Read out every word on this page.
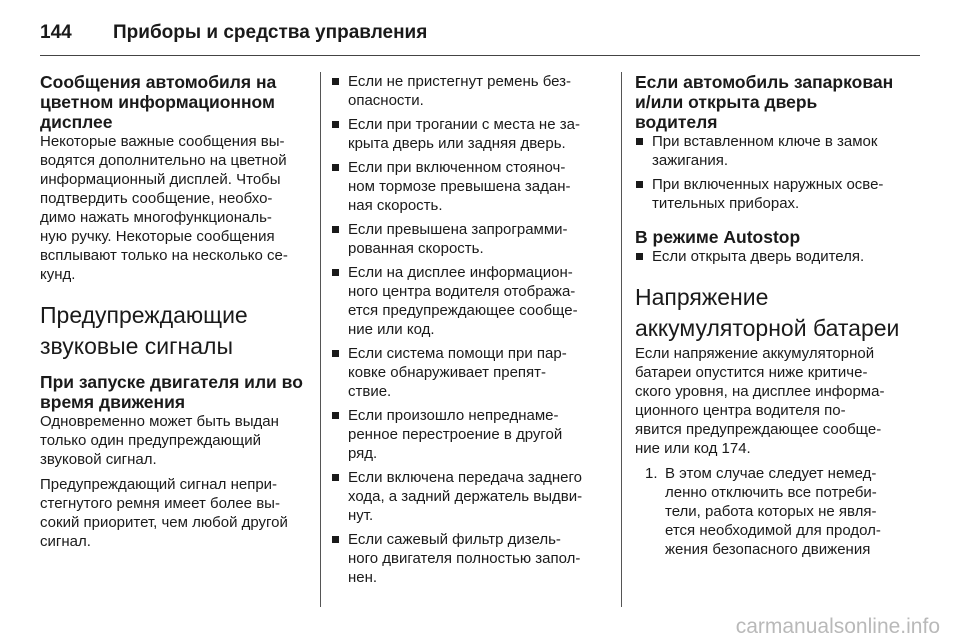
144 Приборы и средства управления
Сообщения автомобиля на
цветном информационном
дисплее
Некоторые важные сообщения вы-
водятся дополнительно на цветной
информационный дисплей. Чтобы
подтвердить сообщение, необхо-
димо нажать многофункциональ-
ную ручку. Некоторые сообщения
всплывают только на несколько се-
кунд.
Предупреждающие
звуковые сигналы
При запуске двигателя или во
время движения
Одновременно может быть выдан
только один предупреждающий
звуковой сигнал.
Предупреждающий сигнал непри-
стегнутого ремня имеет более вы-
сокий приоритет, чем любой другой
сигнал.
Если не пристегнут ремень без-
опасности.
Если при трогании с места не за-
крыта дверь или задняя дверь.
Если при включенном стояноч-
ном тормозе превышена задан-
ная скорость.
Если превышена запрограмми-
рованная скорость.
Если на дисплее информацион-
ного центра водителя отобража-
ется предупреждающее сообще-
ние или код.
Если система помощи при пар-
ковке обнаруживает препят-
ствие.
Если произошло непреднаме-
ренное перестроение в другой
ряд.
Если включена передача заднего
хода, а задний держатель выдви-
нут.
Если сажевый фильтр дизель-
ного двигателя полностью запол-
нен.
Если автомобиль запаркован
и/или открыта дверь водителя
При вставленном ключе в замок
зажигания.
При включенных наружных осве-
тительных приборах.
В режиме Autostop
Если открыта дверь водителя.
Напряжение
аккумуляторной батареи
Если напряжение аккумуляторной
батареи опустится ниже критиче-
ского уровня, на дисплее информа-
ционного центра водителя по-
явится предупреждающее сообще-
ние или код 174.
1. В этом случае следует немед-
ленно отключить все потреби-
тели, работа которых не явля-
ется необходимой для продол-
жения безопасного движения
carmanualsonline.info
